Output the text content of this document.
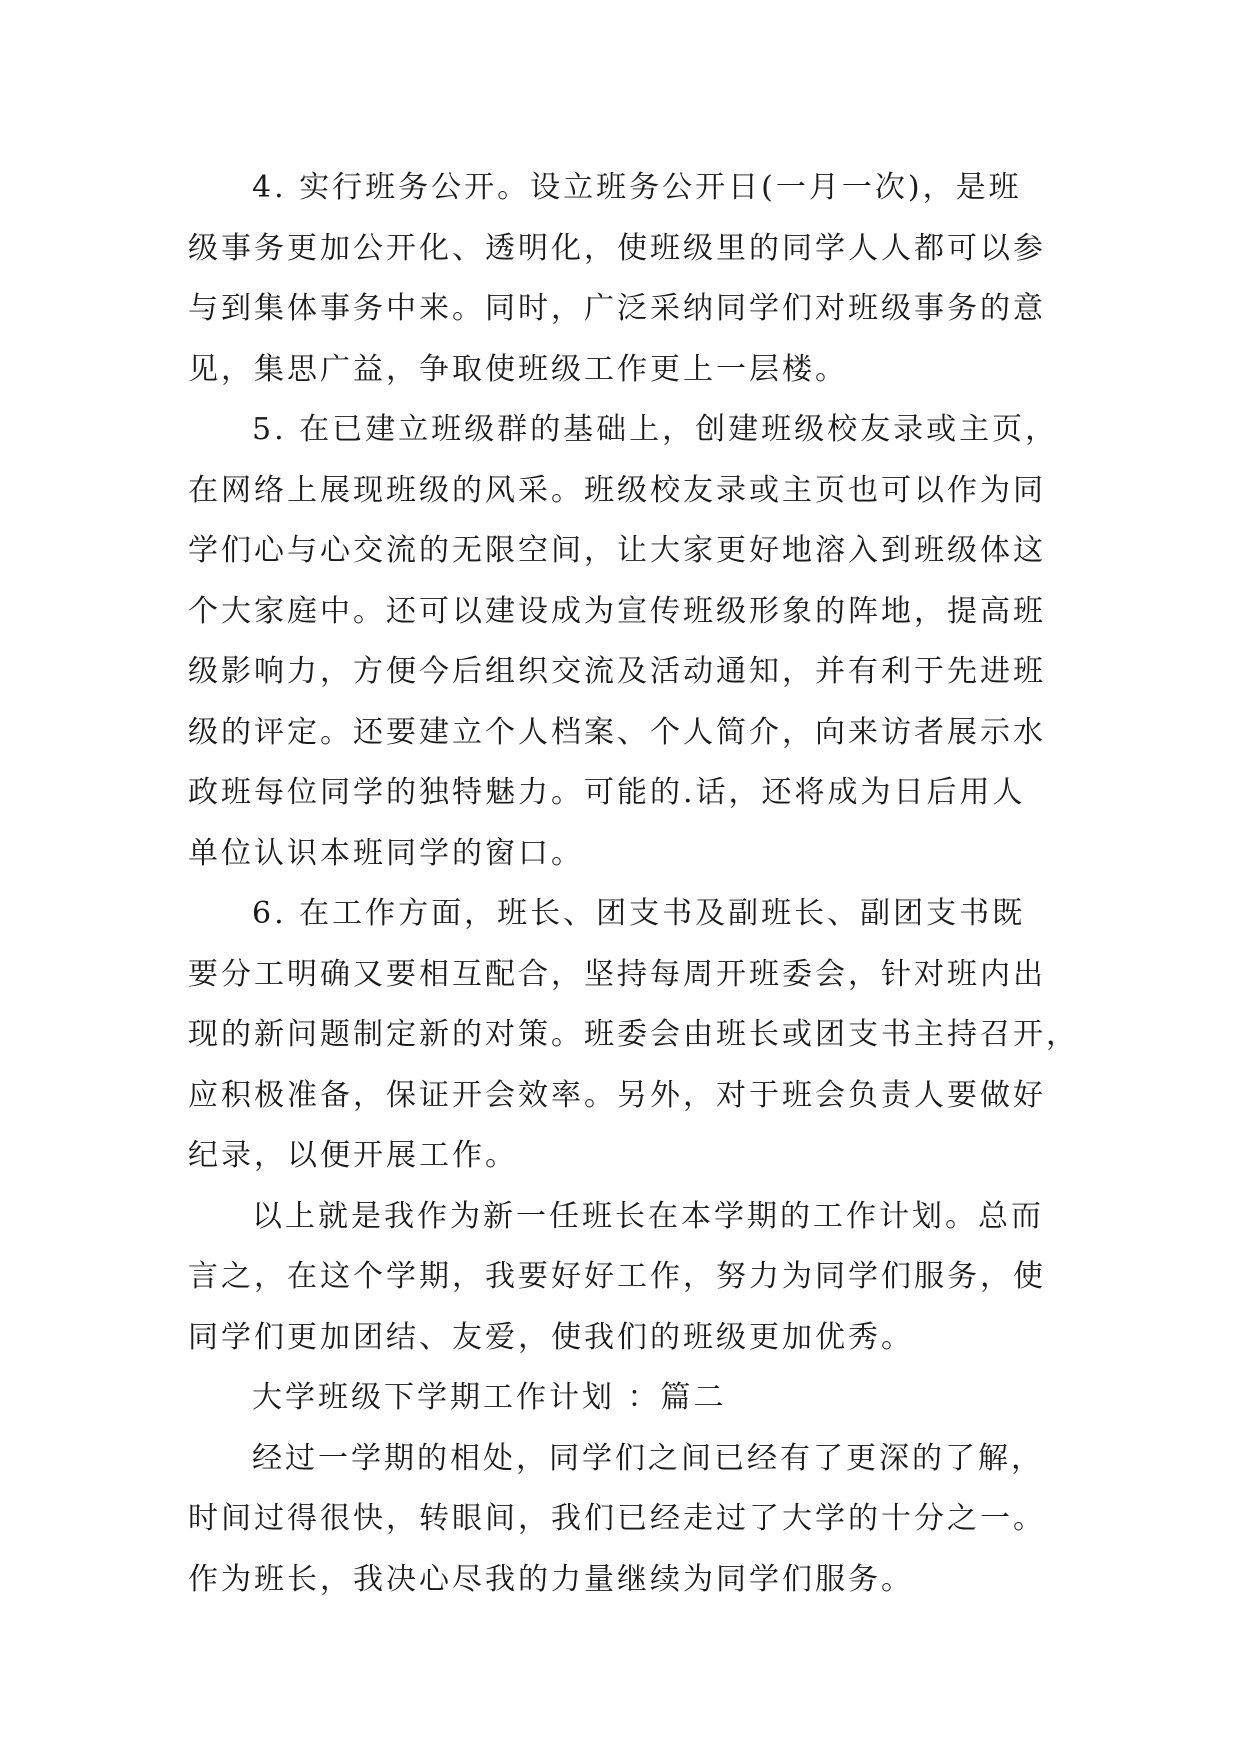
4. 实行班务公开。设立班务公开日(一月一次)，是班
级事务更加公开化、透明化，使班级里的同学人人都可以参
与到集体事务中来。同时，广泛采纳同学们对班级事务的意
见，集思广益，争取使班级工作更上一层楼。

5. 在已建立班级群的基础上，创建班级校友录或主页，
在网络上展现班级的风采。班级校友录或主页也可以作为同
学们心与心交流的无限空间，让大家更好地溶入到班级体这
个大家庭中。还可以建设成为宣传班级形象的阵地，提高班
级影响力，方便今后组织交流及活动通知，并有利于先进班
级的评定。还要建立个人档案、个人简介，向来访者展示水
政班每位同学的独特魅力。可能的.话，还将成为日后用人
单位认识本班同学的窗口。

6. 在工作方面，班长、团支书及副班长、副团支书既
要分工明确又要相互配合，坚持每周开班委会，针对班内出
现的新问题制定新的对策。班委会由班长或团支书主持召开，
应积极准备，保证开会效率。另外，对于班会负责人要做好
纪录，以便开展工作。

以上就是我作为新一任班长在本学期的工作计划。总而
言之，在这个学期，我要好好工作，努力为同学们服务，使
同学们更加团结、友爱，使我们的班级更加优秀。

大学班级下学期工作计划 ：篇二

经过一学期的相处，同学们之间已经有了更深的了解，
时间过得很快，转眼间，我们已经走过了大学的十分之一。
作为班长，我决心尽我的力量继续为同学们服务。
